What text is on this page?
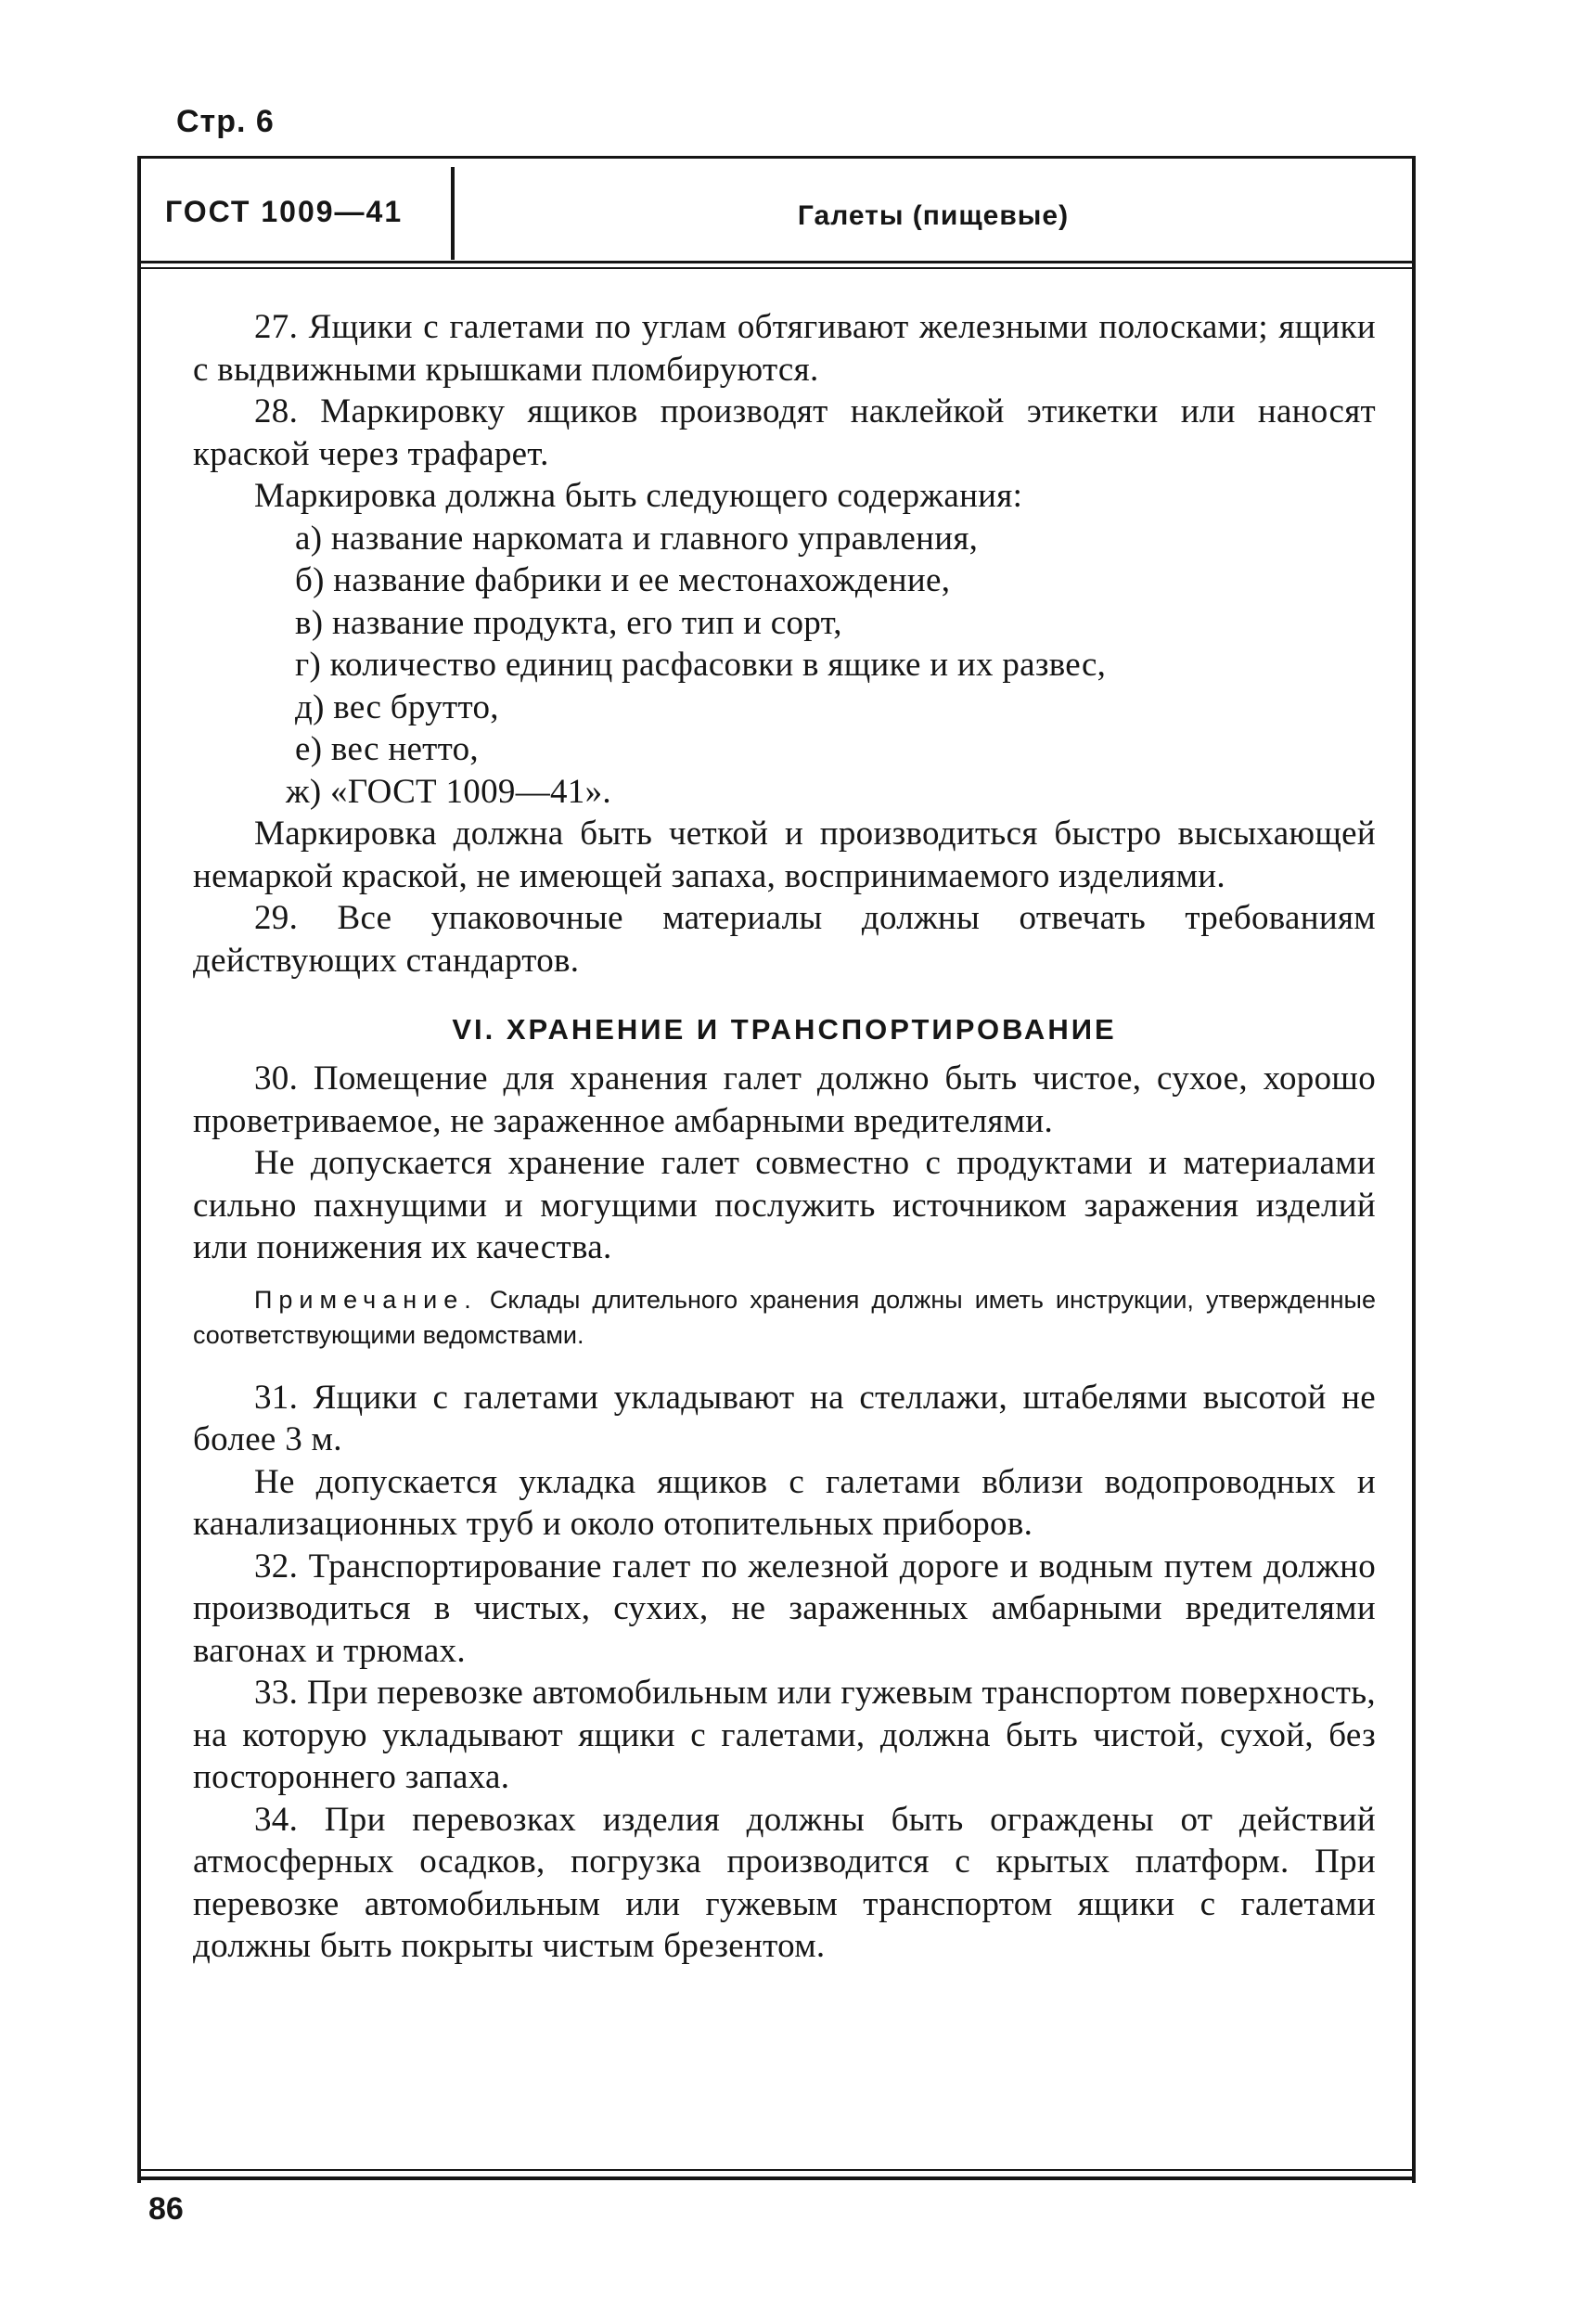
Стр. 6
ГОСТ 1009—41	Галеты (пищевые)

27. Ящики с галетами по углам обтягивают железными полосками; ящики с выдвижными крышками пломбируются.

28. Маркировку ящиков производят наклейкой этикетки или наносят краской через трафарет.

Маркировка должна быть следующего содержания:

а) название наркомата и главного управления,
б) название фабрики и ее местонахождение,
в) название продукта, его тип и сорт,
г) количество единиц расфасовки в ящике и их развес,
д) вес брутто,
е) вес нетто,
ж) «ГОСТ 1009—41».

Маркировка должна быть четкой и производиться быстро высыхающей немаркой краской, не имеющей запаха, воспринимаемого изделиями.

29. Все упаковочные материалы должны отвечать требованиям действующих стандартов.

VI. ХРАНЕНИЕ И ТРАНСПОРТИРОВАНИЕ

30. Помещение для хранения галет должно быть чистое, сухое, хорошо проветриваемое, не зараженное амбарными вредителями.

Не допускается хранение галет совместно с продуктами и материалами сильно пахнущими и могущими послужить источником заражения изделий или понижения их качества.

Примечание. Склады длительного хранения должны иметь инструкции, утвержденные соответствующими ведомствами.

31. Ящики с галетами укладывают на стеллажи, штабелями высотой не более 3 м.

Не допускается укладка ящиков с галетами вблизи водопроводных и канализационных труб и около отопительных приборов.

32. Транспортирование галет по железной дороге и водным путем должно производиться в чистых, сухих, не зараженных амбарными вредителями вагонах и трюмах.

33. При перевозке автомобильным или гужевым транспортом поверхность, на которую укладывают ящики с галетами, должна быть чистой, сухой, без постороннего запаха.

34. При перевозках изделия должны быть ограждены от действий атмосферных осадков, погрузка производится с крытых платформ. При перевозке автомобильным или гужевым транспортом ящики с галетами должны быть покрыты чистым брезентом.

86
